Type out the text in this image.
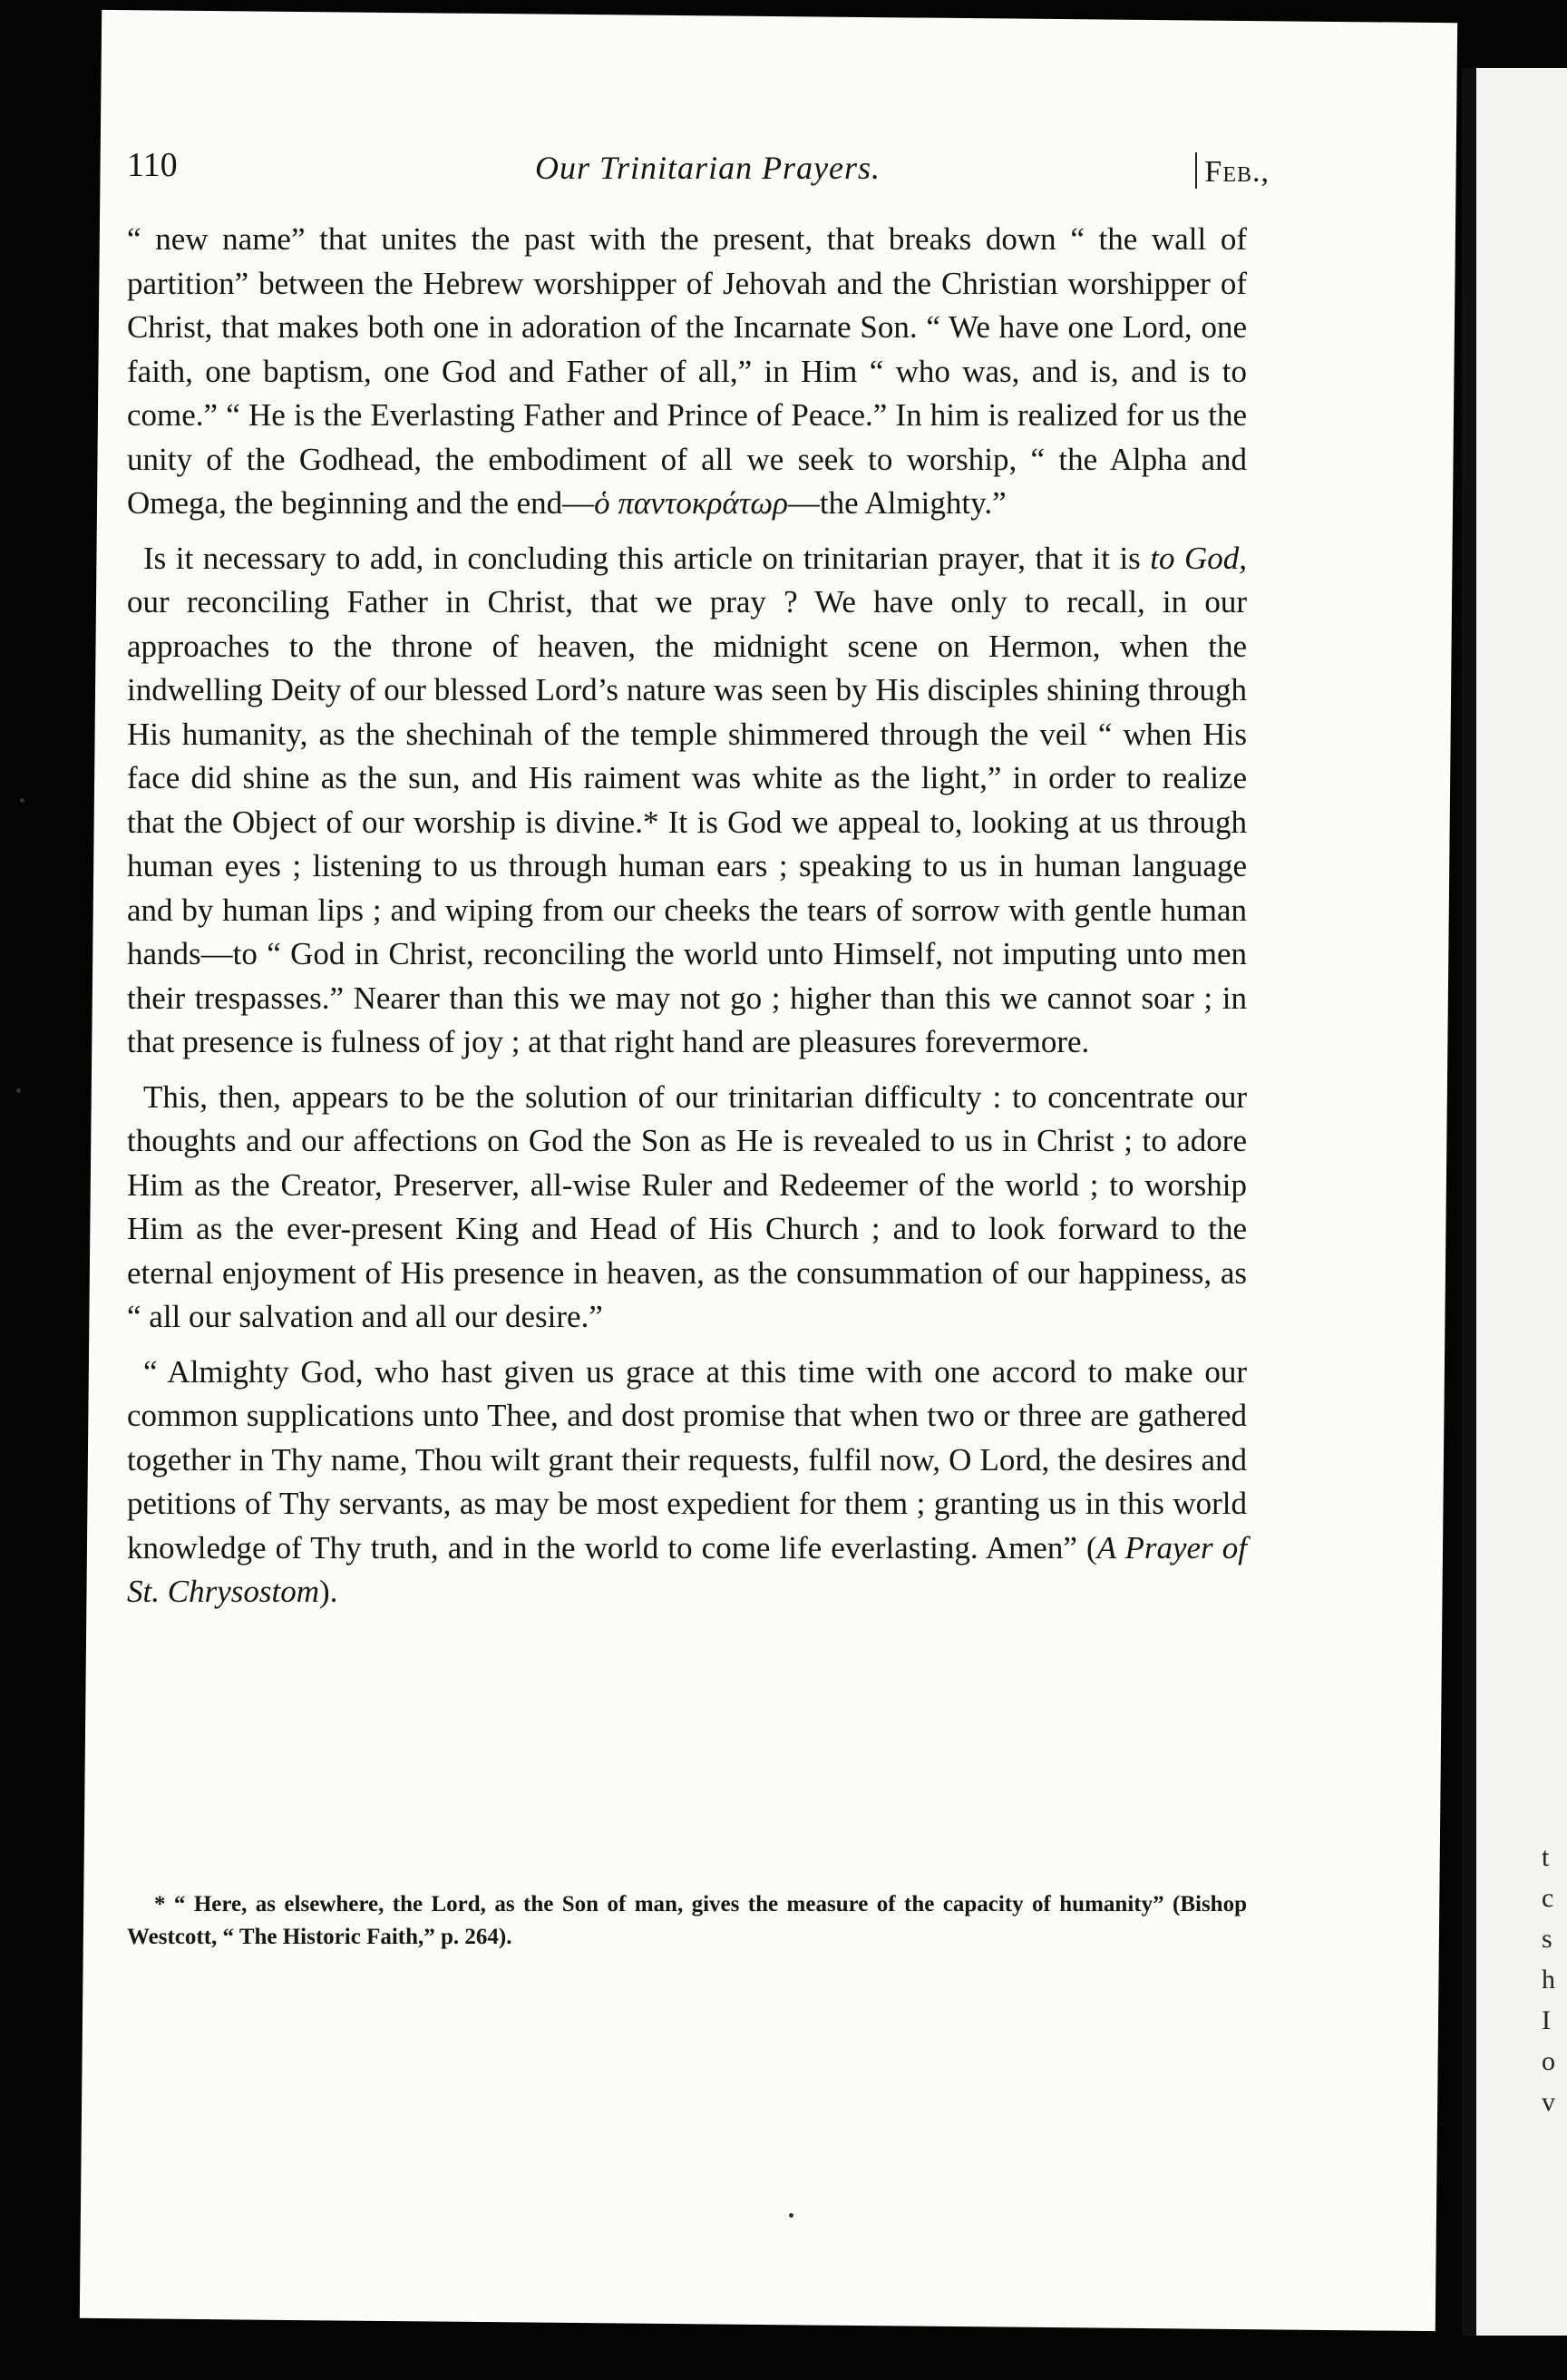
t
c
s
h
I
o
v
110	Our Trinitarian Prayers.	Feb.,

“ new name” that unites the past with the present, that breaks down “ the wall of partition” between the Hebrew worshipper of Jehovah and the Christian worshipper of Christ, that makes both one in adoration of the Incarnate Son. “ We have one Lord, one faith, one baptism, one God and Father of all,” in Him “ who was, and is, and is to come.” “ He is the Everlasting Father and Prince of Peace.” In him is realized for us the unity of the Godhead, the embodiment of all we seek to worship, “ the Alpha and Omega, the beginning and the end—ὁ παντοκράτωρ—the Almighty.”

Is it necessary to add, in concluding this article on trinitarian prayer, that it is to God, our reconciling Father in Christ, that we pray ? We have only to recall, in our approaches to the throne of heaven, the midnight scene on Hermon, when the indwelling Deity of our blessed Lord’s nature was seen by His disciples shining through His humanity, as the shechinah of the temple shimmered through the veil “ when His face did shine as the sun, and His raiment was white as the light,” in order to realize that the Object of our worship is divine.* It is God we appeal to, looking at us through human eyes ; listening to us through human ears ; speaking to us in human language and by human lips ; and wiping from our cheeks the tears of sorrow with gentle human hands—to “ God in Christ, reconciling the world unto Himself, not imputing unto men their trespasses.” Nearer than this we may not go ; higher than this we cannot soar ; in that presence is fulness of joy ; at that right hand are pleasures forevermore.

This, then, appears to be the solution of our trinitarian difficulty : to concentrate our thoughts and our affections on God the Son as He is revealed to us in Christ ; to adore Him as the Creator, Preserver, all-wise Ruler and Redeemer of the world ; to worship Him as the ever-present King and Head of His Church ; and to look forward to the eternal enjoyment of His presence in heaven, as the consummation of our happiness, as “ all our salvation and all our desire.”

“ Almighty God, who hast given us grace at this time with one accord to make our common supplications unto Thee, and dost promise that when two or three are gathered together in Thy name, Thou wilt grant their requests, fulfil now, O Lord, the desires and petitions of Thy servants, as may be most expedient for them ; granting us in this world knowledge of Thy truth, and in the world to come life everlasting. Amen” (A Prayer of St. Chrysostom).

* “ Here, as elsewhere, the Lord, as the Son of man, gives the measure of the capacity of humanity” (Bishop Westcott, “ The Historic Faith,” p. 264).
